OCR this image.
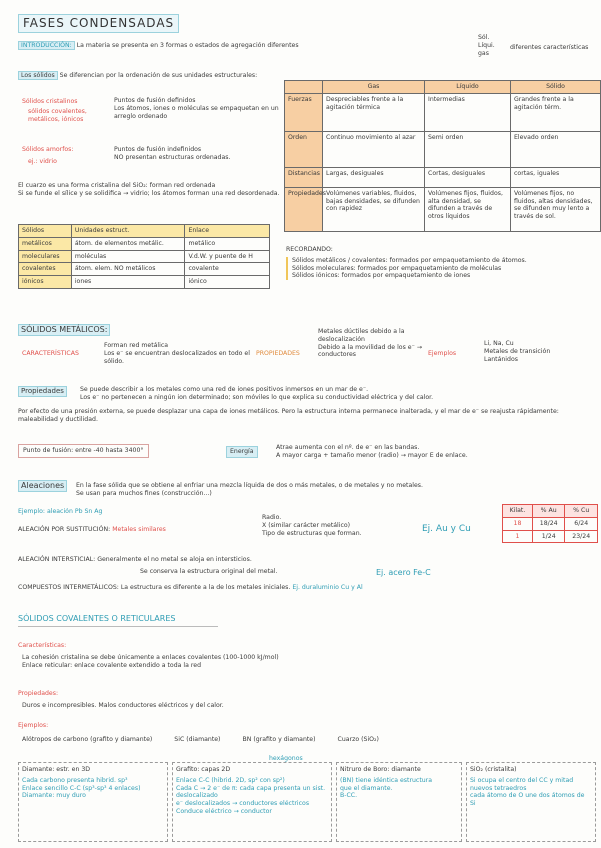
FASES CONDENSADAS
INTRODUCCIÓN: La materia se presenta en 3 formas o estados de agregación diferentes
Sól.
Líqui.
gas
diferentes características
Los sólidos Se diferencian por la ordenación de sus unidades estructurales:
Sólidos cristalinos
sólidos covalentes, metálicos, iónicos
Puntos de fusión definidos
Los átomos, iones o moléculas se empaquetan en un arreglo ordenado
Sólidos amorfos:
ej.: vidrio
Puntos de fusión indefinidos
NO presentan estructuras ordenadas.
El cuarzo es una forma cristalina del SiO₂: forman red ordenada
Si se funde el sílice y se solidifica → vidrio; los átomos forman una red desordenada.
Sólidos	Unidades estruct.	Enlace
metálicos	átom. de elementos metálic.	metálico
moleculares	moléculas	V.d.W. y puente de H
covalentes	átom. elem. NO metálicos	covalente
iónicos	iones	iónico
	Gas	Líquido	Sólido
Fuerzas	Despreciables frente a la agitación térmica	Intermedias	Grandes frente a la agitación térm.
Orden	Continuo movimiento al azar	Semi orden	Elevado orden
Distancias	Largas, desiguales	Cortas, desiguales	cortas, iguales
Propiedades	Volúmenes variables, fluidos, bajas densidades, se difunden con rapidez	Volúmenes fijos, fluidos, alta densidad, se difunden a través de otros líquidos	Volúmenes fijos, no fluidos, altas densidades, se difunden muy lento a través de sol.
RECORDANDO:
Sólidos metálicos / covalentes: formados por empaquetamiento de átomos.
Sólidos moleculares: formados por empaquetamiento de moléculas
Sólidos iónicos: formados por empaquetamiento de iones
SÓLIDOS METÁLICOS:
CARACTERÍSTICAS
Forman red metálica
Los e⁻ se encuentran deslocalizados en todo el sólido.
PROPIEDADES
Metales dúctiles debido a la deslocalización
Debido a la movilidad de los e⁻ → conductores	Ejemplos
Li, Na, Cu
Metales de transición
Lantánidos
Propiedades	Se puede describir a los metales como una red de iones positivos inmersos en un mar de e⁻.
Los e⁻ no pertenecen a ningún ion determinado; son móviles lo que explica su conductividad eléctrica y del calor.
Por efecto de una presión externa, se puede desplazar una capa de iones metálicos. Pero la estructura interna permanece inalterada, y el mar de e⁻ se reajusta rápidamente: maleabilidad y ductilidad.
Punto de fusión: entre -40 hasta 3400°	Energía
Atrae aumenta con el nº. de e⁻ en las bandas.
A mayor carga + tamaño menor (radio) → mayor E de enlace.
Aleaciones	En la fase sólida que se obtiene al enfriar una mezcla líquida de dos o más metales, o de metales y no metales.
Se usan para muchos fines (construcción...)
Ejemplo: aleación Pb Sn Ag
ALEACIÓN POR SUSTITUCIÓN: Metales similares
Radio.
X (similar carácter metálico)
Tipo de estructuras que forman.	Ej. Au y Cu
Kilat.	% Au	% Cu
18	18/24	6/24
1	1/24	23/24
ALEACIÓN INTERSTICIAL: Generalmente el no metal se aloja en intersticios.
Se conserva la estructura original del metal.	Ej. acero Fe-C
COMPUESTOS INTERMETÁLICOS: La estructura es diferente a la de los metales iniciales. Ej. duraluminio Cu y Al
SÓLIDOS COVALENTES O RETICULARES
Características:
La cohesión cristalina se debe únicamente a enlaces covalentes (100-1000 kJ/mol)
Enlace reticular: enlace covalente extendido a toda la red
Propiedades:
Duros e incompresibles. Malos conductores eléctricos y del calor.
Ejemplos:
Alótropos de carbono (grafito y diamante)	SiC (diamante)	BN (grafito y diamante)	Cuarzo (SiO₂)
Diamante: estr. en 3D
Cada carbono presenta hibrid. sp³
Enlace sencillo C-C (sp³-sp³ 4 enlaces)
Diamante: muy duro
Grafito: capas 2D
hexágonos
Enlace C-C (hibrid. 2D, sp² con sp²)
Cada C → 2 e⁻ de π: cada capa presenta un sist. deslocalizado
e⁻ deslocalizados → conductores eléctricos
Conduce eléctrico → conductor
Nitruro de Boro: diamante
(BN) tiene idéntica estructura
que el diamante.
B-CC.
SiO₂ (cristalita)
Si ocupa el centro del CC y mitad nuevos tetraedros
cada átomo de O une dos átomos de Si
